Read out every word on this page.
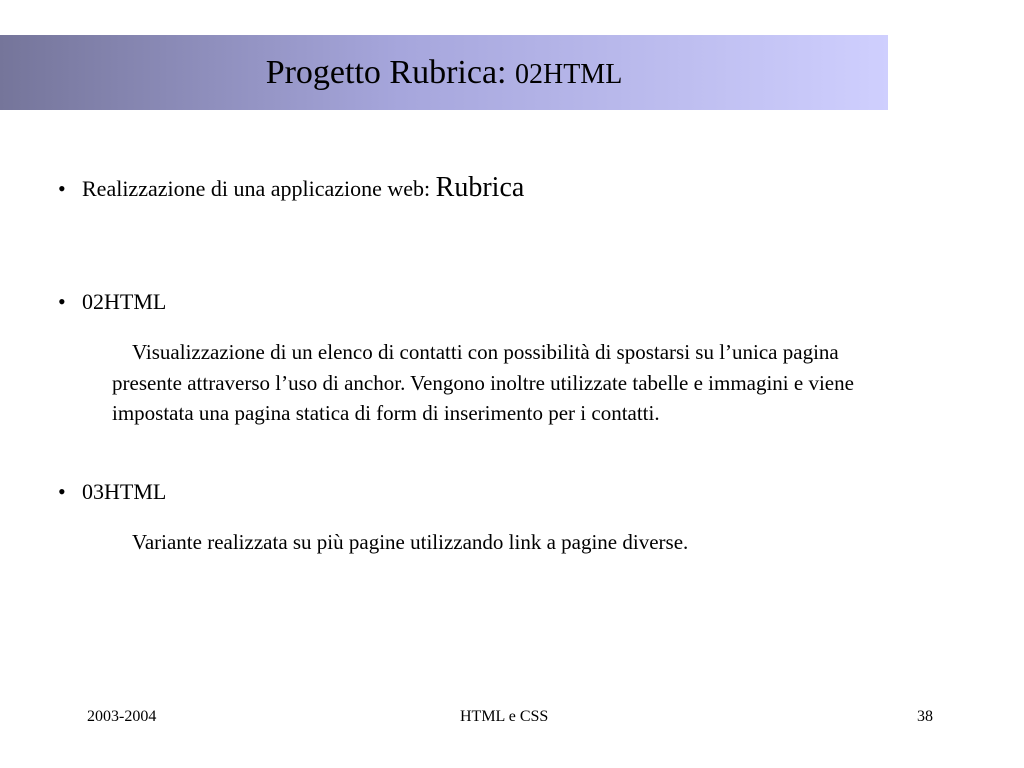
Progetto Rubrica: 02HTML
• Realizzazione di una applicazione web: Rubrica
• 02HTML
Visualizzazione di un elenco di contatti con possibilità di spostarsi su l’unica pagina presente attraverso l’uso di anchor. Vengono inoltre utilizzate tabelle e immagini e viene impostata una pagina statica di form di inserimento per i contatti.
• 03HTML
Variante realizzata su più pagine utilizzando link a pagine diverse.
2003-2004	HTML e CSS	38
